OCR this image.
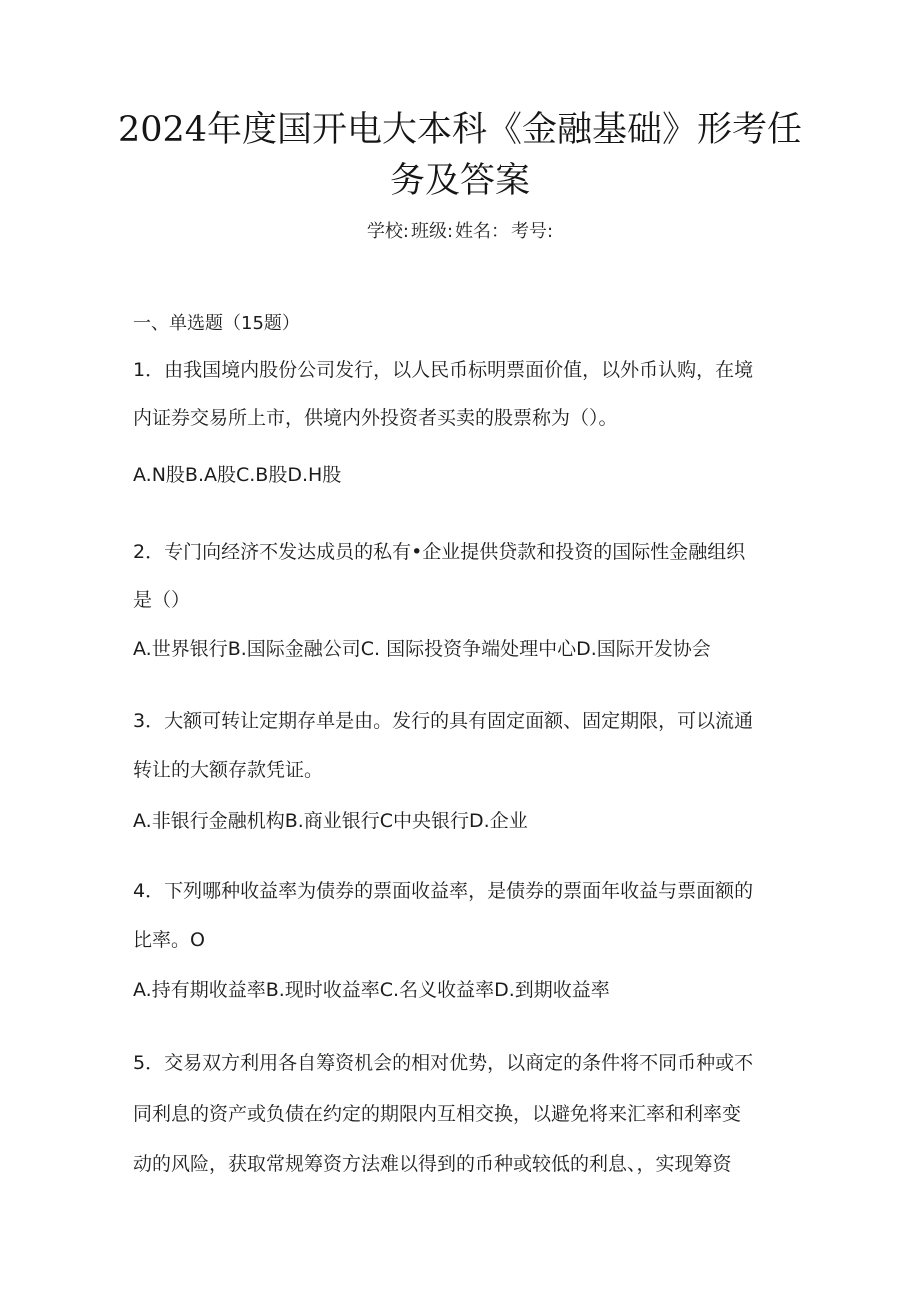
2024年度国开电大本科《金融基础》形考任
务及答案
学校: 班级: 姓名： 考号:
一、单选题（15题）
1．由我国境内股份公司发行，以人民币标明票面价值，以外币认购，在境
内证券交易所上市，供境内外投资者买卖的股票称为（）。
A.N股B.A股C.B股D.H股
2．专门向经济不发达成员的私有•企业提供贷款和投资的国际性金融组织
是（）
A.世界银行B.国际金融公司C. 国际投资争端处理中心D.国际开发协会
3．大额可转让定期存单是由。发行的具有固定面额、固定期限，可以流通
转让的大额存款凭证。
A.非银行金融机构B.商业银行C中央银行D.企业
4．下列哪种收益率为债券的票面收益率，是债券的票面年收益与票面额的
比率。O
A.持有期收益率B.现时收益率C.名义收益率D.到期收益率
5．交易双方利用各自筹资机会的相对优势，以商定的条件将不同币种或不
同利息的资产或负债在约定的期限内互相交换，以避免将来汇率和利率变
动的风险，获取常规筹资方法难以得到的币种或较低的利息、，实现筹资
